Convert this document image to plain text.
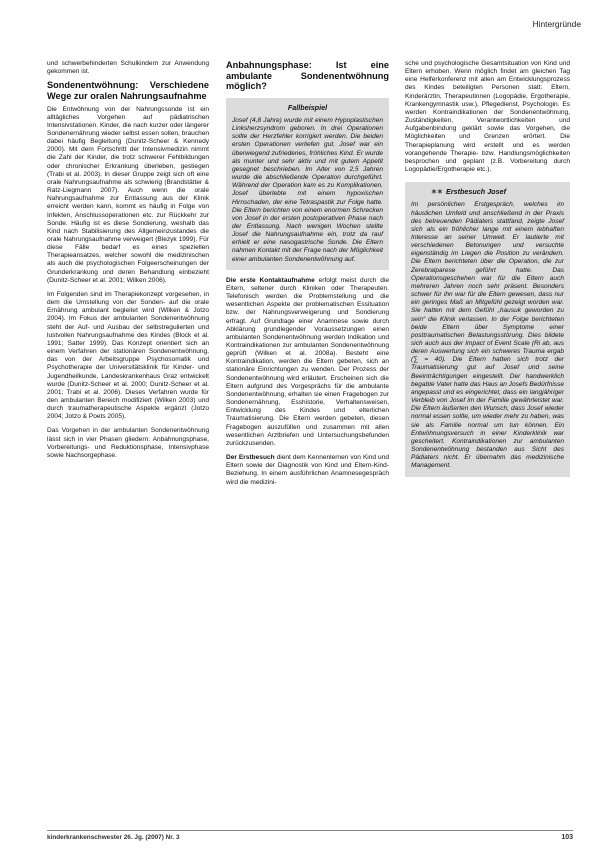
Hintergründe

und schwerbehinderten Schulkindern zur Anwendung gekommen ist.

Sondenentwöhnung: Verschiedene Wege zur oralen Nahrungsaufnahme

Die Entwöhnung von der Nahrungssonde ist ein alltägliches Vorgehen auf pädiatrischen Intensivstationen. Kinder, die nach kurzer oder längerer Sondenernährung wieder selbst essen sollen, brauchen dabei häufig Begleitung (Dunitz-Scheer & Kennedy 2000). Mit dem Fortschritt der Intensivmedizin nimmt die Zahl der Kinder, die trotz schwerer Fehlbildungen oder chronischer Erkrankung überleben, gestiegen (Trabi et al. 2003). In dieser Gruppe zeigt sich oft eine orale Nahrungsaufnahme als schwierig (Brandstätter & Ratz-Liegmann 2007). Auch wenn die orale Nahrungsaufnahme zur Entlassung aus der Klinik erreicht werden kann, kommt es häufig in Folge von Infekten, Anschlussoperationen etc. zur Rückkehr zur Sonde. Häufig ist es diese Sondierung, weshalb das Kind nach Stabilisierung des Allgemeinzustandes die orale Nahrungsaufnahme verweigert (Blezyk 1999). Für diese Fälle bedarf es eines speziellen Therapieansatzes, welcher sowohl die medizinischen als auch die psychologischen Folgeerscheinungen der Grunderkrankung und deren Behandlung einbezieht (Dunitz-Scheer et al. 2001; Wilken 2006).

Im Folgenden sind im Therapiekonzept vorgesehen, in dem die Umstellung von der Sonden- auf die orale Ernährung ambulant begleitet wird (Wilken & Jotzo 2004). Im Fokus der ambulanten Sondenentwöhnung steht der Auf- und Ausbau der selbstregulierten und lustvollen Nahrungsaufnahme des Kindes (Block et al. 1991; Satter 1999). Das Konzept orientiert sich an einem Verfahren der stationären Sondenentwöhnung, das von der Arbeitsgruppe Psychosomatik und Psychotherapie der Universitätsklinik für Kinder- und Jugendheilkunde, Landeskrankenhaus Graz entwickelt wurde (Dunitz-Scheer et al. 2000; Dunitz-Scheer et al. 2001; Trabi et al. 2006). Dieses Verfahren wurde für den ambulanten Bereich modifiziert (Wilken 2003) und durch traumatherapeutische Aspekte ergänzt (Jotzo 2004; Jotzo & Poets 2005).

Das Vorgehen in der ambulanten Sondenentwöhnung lässt sich in vier Phasen gliedern: Anbahnungsphase, Vorbereitungs- und Reduktionsphase, Intensivphase sowie Nachsorgephase.

Anbahnungsphase: Ist eine ambulante Sondenentwöhnung möglich?
Fallbeispiel

Josef (4,8 Jahre) wurde mit einem Hypoplastischen Linksherzsyndrom geboren. In drei Operationen sollte der Herzfehler korrigiert werden. Die beiden ersten Operationen verliefen gut. Josef war ein überwiegend zufriedenes, fröhliches Kind. Er wurde als munter und sehr aktiv und mit gutem Appetit gesegnet beschrieben. Im Alter von 2,5 Jahren wurde die abschließende Operation durchgeführt. Während der Operation kam es zu Komplikationen. Josef überlebte mit einem hypoxischen Hirnschaden, der eine Tetraspastik zur Folge hatte. Die Eltern berichten von einem enormen Schrecken von Josef in der ersten postoperativen Phase nach der Entlassung. Nach wenigen Wochen stellte Josef die Nahrungsaufnahme ein, trotz da rauf erhielt er eine nasogastrische Sonde. Die Eltern nahmen Kontakt mit der Frage nach der Möglichkeit einer ambulanten Sondenentwöhnung auf.

Die erste Kontaktaufnahme erfolgt meist durch die Eltern, seltener durch Kliniken oder Therapeuten. Telefonisch werden die Problemstellung und die wesentlichen Aspekte der problematischen Essituation bzw. der Nahrungsverweigerung und Sondierung erfragt. Auf Grundlage einer Anamnese sowie durch Abklärung grundlegender Voraussetzungen einen ambulanten Sondenentwöhnung werden Indikation und Kontraindikationen zur ambulanten Sondenentwöhnung geprüft (Wilken et al. 2008a). Besteht eine Kontraindikation, werden die Eltern gebeten, sich an stationäre Einrichtungen zu wenden. Der Prozess der Sondenentwöhnung wird erläutert. Erscheinen sich die Eltern aufgrund des Vorgesprächs für die ambulante Sondenentwöhnung, erhalten sie einen Fragebogen zur Sondenernährung, Esshistorie, Verhaltensweisen, Entwicklung des Kindes und elterlichen Traumatisierung. Die Eltern werden gebeten, diesen Fragebogen auszufüllen und zusammen mit allen wesentlichen Arztbriefen und Untersuchungsbefunden zurückzusenden.

Der Erstbesuch dient dem Kennenlernen von Kind und Eltern sowie der Diagnostik von Kind und Eltern-Kind-Beziehung. In einem ausführlichen Anamnesegespräch wird die medizini-

sche und psychologische Gesamtsituation von Kind und Eltern erhoben. Wenn möglich findet am gleichen Tag eine Helferkonferenz mit allen am Entwicklungsprozess des Kindes beteiligten Personen statt: Eltern, Kinderärztin, Therapeutinnen (Logopädie, Ergotherapie, Krankengymnastik usw.), Pflegedienst, Psychologin. Es werden Kontraindikationen der Sondenentwöhnung, Zuständigkeiten, Verantwortlichkeiten und Aufgabenbindung geklärt sowie das Vorgehen, die Möglichkeiten und Grenzen erörtert. Die Therapieplanung wird erstellt und es werden vorangehende Therapie- bzw. Handlungsmöglichkeiten besprochen und geplant (z.B. Vorbereitung durch Logopädie/Ergotherapie etc.).

✶✶ Erstbesuch Josef

Im persönlichen Erstgespräch, welches im häuslichen Umfeld und anschließend in der Praxis des betreuenden Pädiaters stattfand, zeigte Josef sich als ein fröhlicher lange mit einem lebhaften Interesse an seiner Umwelt. Er lautierte mit verschiedenen Betonungen und versuchte eigenständig im Liegen die Position zu verändern. Die Eltern berichteten über die Operation, die zur Zerebralparese geführt hatte. Das Operationsgeschehen war für die Eltern auch mehreren Jahren noch sehr präsent. Besonders schwer für ihn war für die Eltern gewesen, dass nur ein geringes Maß an Mitgefühl gezeigt worden war. Sie hatten mit dem Gefühl „hausuk geworden zu sein“ die Klinik verlassen. In der Folge berichteten beide Eltern über Symptome einer posttraumatischen Belastungsstörung. Dies bildete sich auch aus der Impact of Event Scale (Ri ab, aus deren Auswertung sich ein schweres Trauma ergab (∑ = 40). Die Eltern hatten sich trotz der Traumatisierung gut auf Josef und seine Beeinträchtigungen eingestellt. Der handwerklich begabte Vater hatte das Haus an Josefs Bedürfnisse angepasst und es eingerichtet, dass ein langjähriger Verbleib von Josef im der Familie gewährleistet war. Die Eltern äußerten den Wunsch, dass Josef wieder normal essen sollte, um wieder mehr zu haben, was sie als Familie normal um tun können. Ein Entwöhnungsversuch in einer Kinderklinik war gescheitert. Kontraindikationen zur ambulanten Sondenentwöhnung bestanden aus Sicht des Pädiaters nicht. Er übernahm das medizinische Management.

kinderkrankenschwester 26. Jg. (2007) Nr. 3	103
